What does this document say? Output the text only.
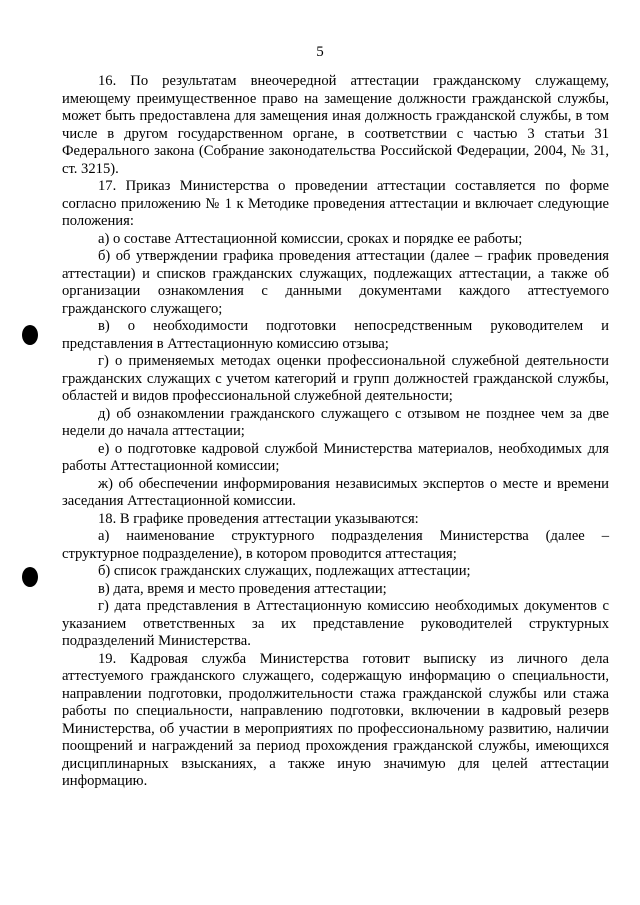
5

16. По результатам внеочередной аттестации гражданскому служащему, имеющему преимущественное право на замещение должности гражданской службы, может быть предоставлена для замещения иная должность гражданской службы, в том числе в другом государственном органе, в соответствии с частью 3 статьи 31 Федерального закона (Собрание законодательства Российской Федерации, 2004, № 31, ст. 3215).

17. Приказ Министерства о проведении аттестации составляется по форме согласно приложению № 1 к Методике проведения аттестации и включает следующие положения:

а) о составе Аттестационной комиссии, сроках и порядке ее работы;

б) об утверждении графика проведения аттестации (далее – график проведения аттестации) и списков гражданских служащих, подлежащих аттестации, а также об организации ознакомления с данными документами каждого аттестуемого гражданского служащего;

в) о необходимости подготовки непосредственным руководителем и представления в Аттестационную комиссию отзыва;

г) о применяемых методах оценки профессиональной служебной деятельности гражданских служащих с учетом категорий и групп должностей гражданской службы, областей и видов профессиональной служебной деятельности;

д) об ознакомлении гражданского служащего с отзывом не позднее чем за две недели до начала аттестации;

е) о подготовке кадровой службой Министерства материалов, необходимых для работы Аттестационной комиссии;

ж) об обеспечении информирования независимых экспертов о месте и времени заседания Аттестационной комиссии.

18. В графике проведения аттестации указываются:

а) наименование структурного подразделения Министерства (далее – структурное подразделение), в котором проводится аттестация;

б) список гражданских служащих, подлежащих аттестации;

в) дата, время и место проведения аттестации;

г) дата представления в Аттестационную комиссию необходимых документов с указанием ответственных за их представление руководителей структурных подразделений Министерства.

19. Кадровая служба Министерства готовит выписку из личного дела аттестуемого гражданского служащего, содержащую информацию о специальности, направлении подготовки, продолжительности стажа гражданской службы или стажа работы по специальности, направлению подготовки, включении в кадровый резерв Министерства, об участии в мероприятиях по профессиональному развитию, наличии поощрений и награждений за период прохождения гражданской службы, имеющихся дисциплинарных взысканиях, а также иную значимую для целей аттестации информацию.
